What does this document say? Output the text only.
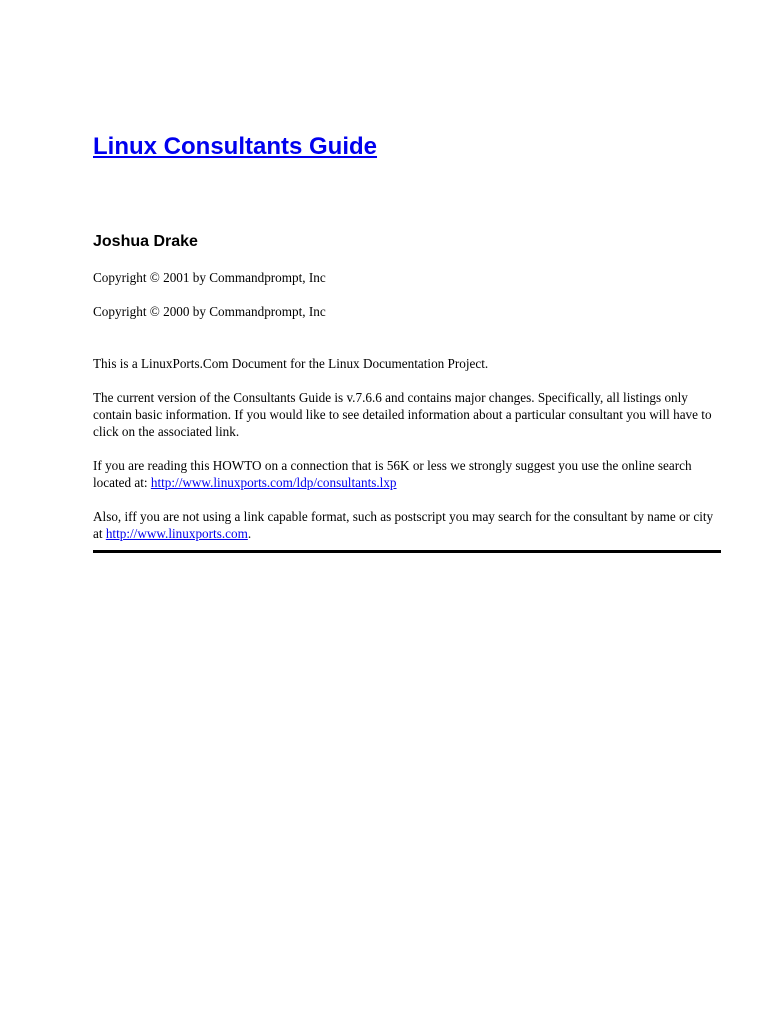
Linux Consultants Guide
Joshua Drake

Copyright © 2001 by Commandprompt, Inc

Copyright © 2000 by Commandprompt, Inc

This is a LinuxPorts.Com Document for the Linux Documentation Project.

The current version of the Consultants Guide is v.7.6.6 and contains major changes. Specifically, all listings only contain basic information. If you would like to see detailed information about a particular consultant you will have to click on the associated link.

If you are reading this HOWTO on a connection that is 56K or less we strongly suggest you use the online search located at: http://www.linuxports.com/ldp/consultants.lxp

Also, iff you are not using a link capable format, such as postscript you may search for the consultant by name or city at http://www.linuxports.com.
